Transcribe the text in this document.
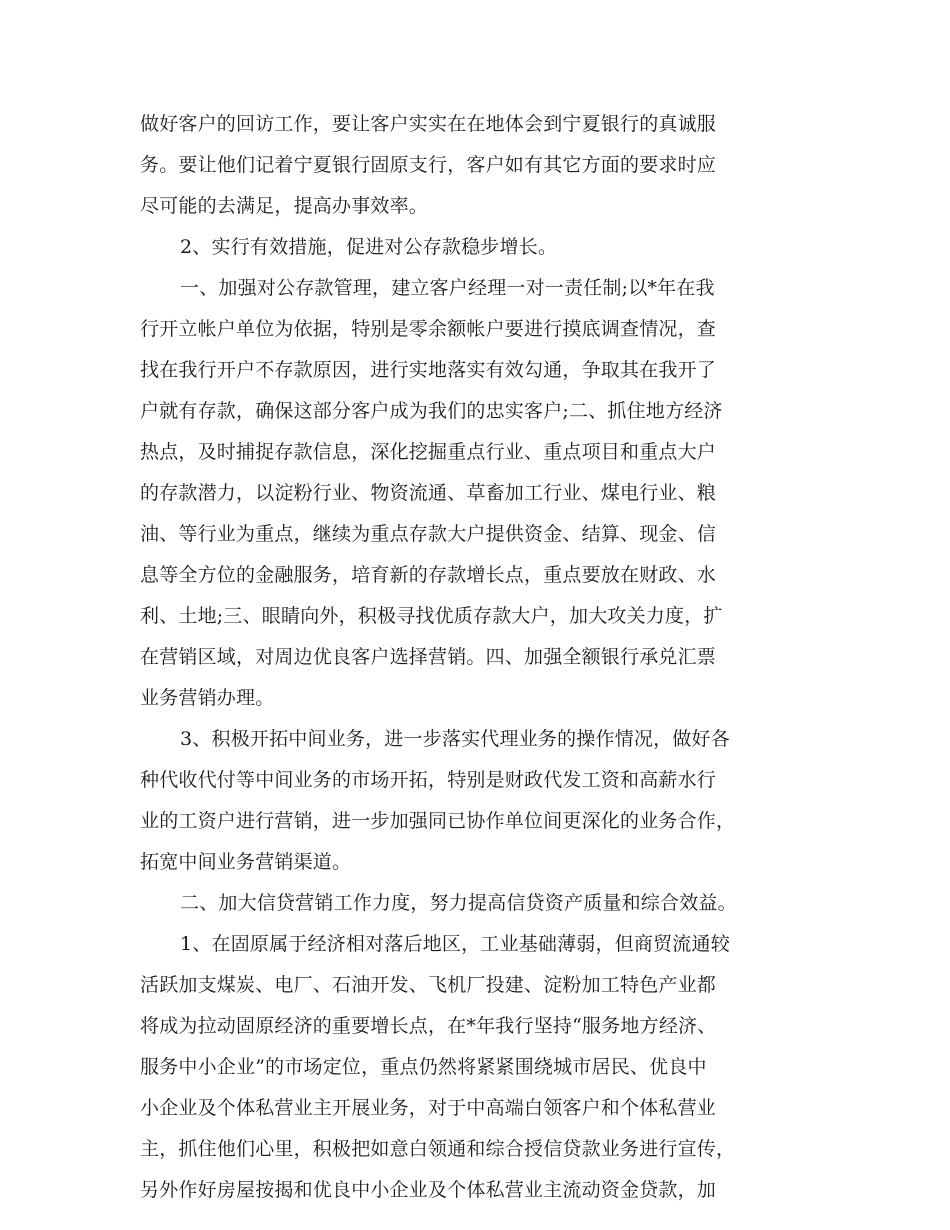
做好客户的回访工作，要让客户实实在在地体会到宁夏银行的真诚服
务。要让他们记着宁夏银行固原支行，客户如有其它方面的要求时应
尽可能的去满足，提高办事效率。
2、实行有效措施，促进对公存款稳步增长。
一、加强对公存款管理，建立客户经理一对一责任制;以*年在我
行开立帐户单位为依据，特别是零余额帐户要进行摸底调查情况，查
找在我行开户不存款原因，进行实地落实有效勾通，争取其在我开了
户就有存款，确保这部分客户成为我们的忠实客户;二、抓住地方经济
热点，及时捕捉存款信息，深化挖掘重点行业、重点项目和重点大户
的存款潜力，以淀粉行业、物资流通、草畜加工行业、煤电行业、粮
油、等行业为重点，继续为重点存款大户提供资金、结算、现金、信
息等全方位的金融服务，培育新的存款增长点，重点要放在财政、水
利、土地;三、眼睛向外，积极寻找优质存款大户，加大攻关力度，扩
在营销区域，对周边优良客户选择营销。四、加强全额银行承兑汇票
业务营销办理。
3、积极开拓中间业务，进一步落实代理业务的操作情况，做好各
种代收代付等中间业务的市场开拓，特别是财政代发工资和高薪水行
业的工资户进行营销，进一步加强同已协作单位间更深化的业务合作，
拓宽中间业务营销渠道。
二、加大信贷营销工作力度，努力提高信贷资产质量和综合效益。
1、在固原属于经济相对落后地区，工业基础薄弱，但商贸流通较
活跃加支煤炭、电厂、石油开发、飞机厂投建、淀粉加工特色产业都
将成为拉动固原经济的重要增长点，在*年我行坚持“服务地方经济、
服务中小企业”的市场定位，重点仍然将紧紧围绕城市居民、优良中
小企业及个体私营业主开展业务，对于中高端白领客户和个体私营业
主，抓住他们心里，积极把如意白领通和综合授信贷款业务进行宣传，
另外作好房屋按揭和优良中小企业及个体私营业主流动资金贷款，加
